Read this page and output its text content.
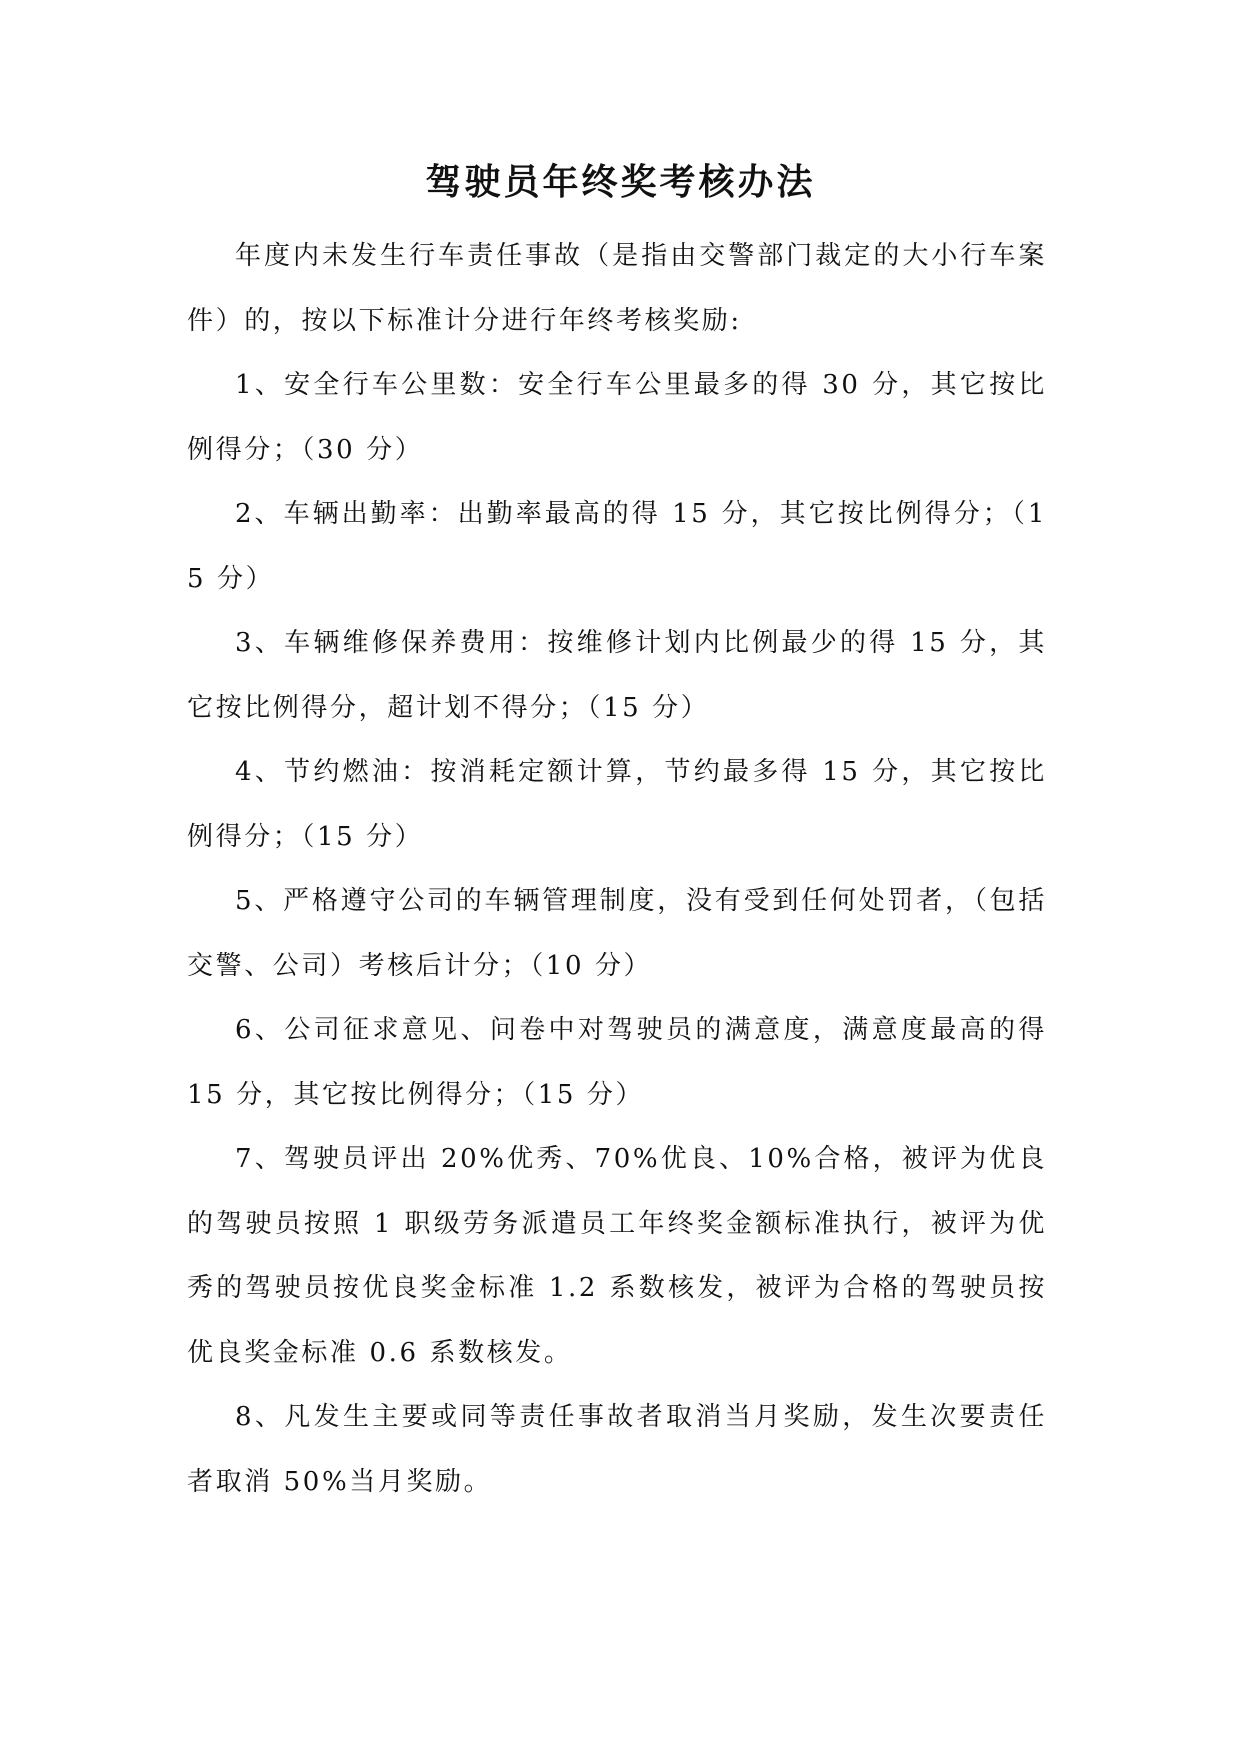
驾驶员年终奖考核办法

年度内未发生行车责任事故（是指由交警部门裁定的大小行车案件）的，按以下标准计分进行年终考核奖励:

1、安全行车公里数：安全行车公里最多的得 30 分，其它按比例得分；（30 分）

2、车辆出勤率：出勤率最高的得 15 分，其它按比例得分；（15 分）

3、车辆维修保养费用：按维修计划内比例最少的得 15 分，其它按比例得分，超计划不得分；（15 分）

4、节约燃油：按消耗定额计算，节约最多得 15 分，其它按比例得分；（15 分）

5、严格遵守公司的车辆管理制度，没有受到任何处罚者，（包括交警、公司）考核后计分；（10 分）

6、公司征求意见、问卷中对驾驶员的满意度，满意度最高的得 15 分，其它按比例得分；（15 分）

7、驾驶员评出 20%优秀、70%优良、10%合格，被评为优良的驾驶员按照 1 职级劳务派遣员工年终奖金额标准执行，被评为优秀的驾驶员按优良奖金标准 1.2 系数核发，被评为合格的驾驶员按优良奖金标准 0.6 系数核发。

8、凡发生主要或同等责任事故者取消当月奖励，发生次要责任者取消 50%当月奖励。
